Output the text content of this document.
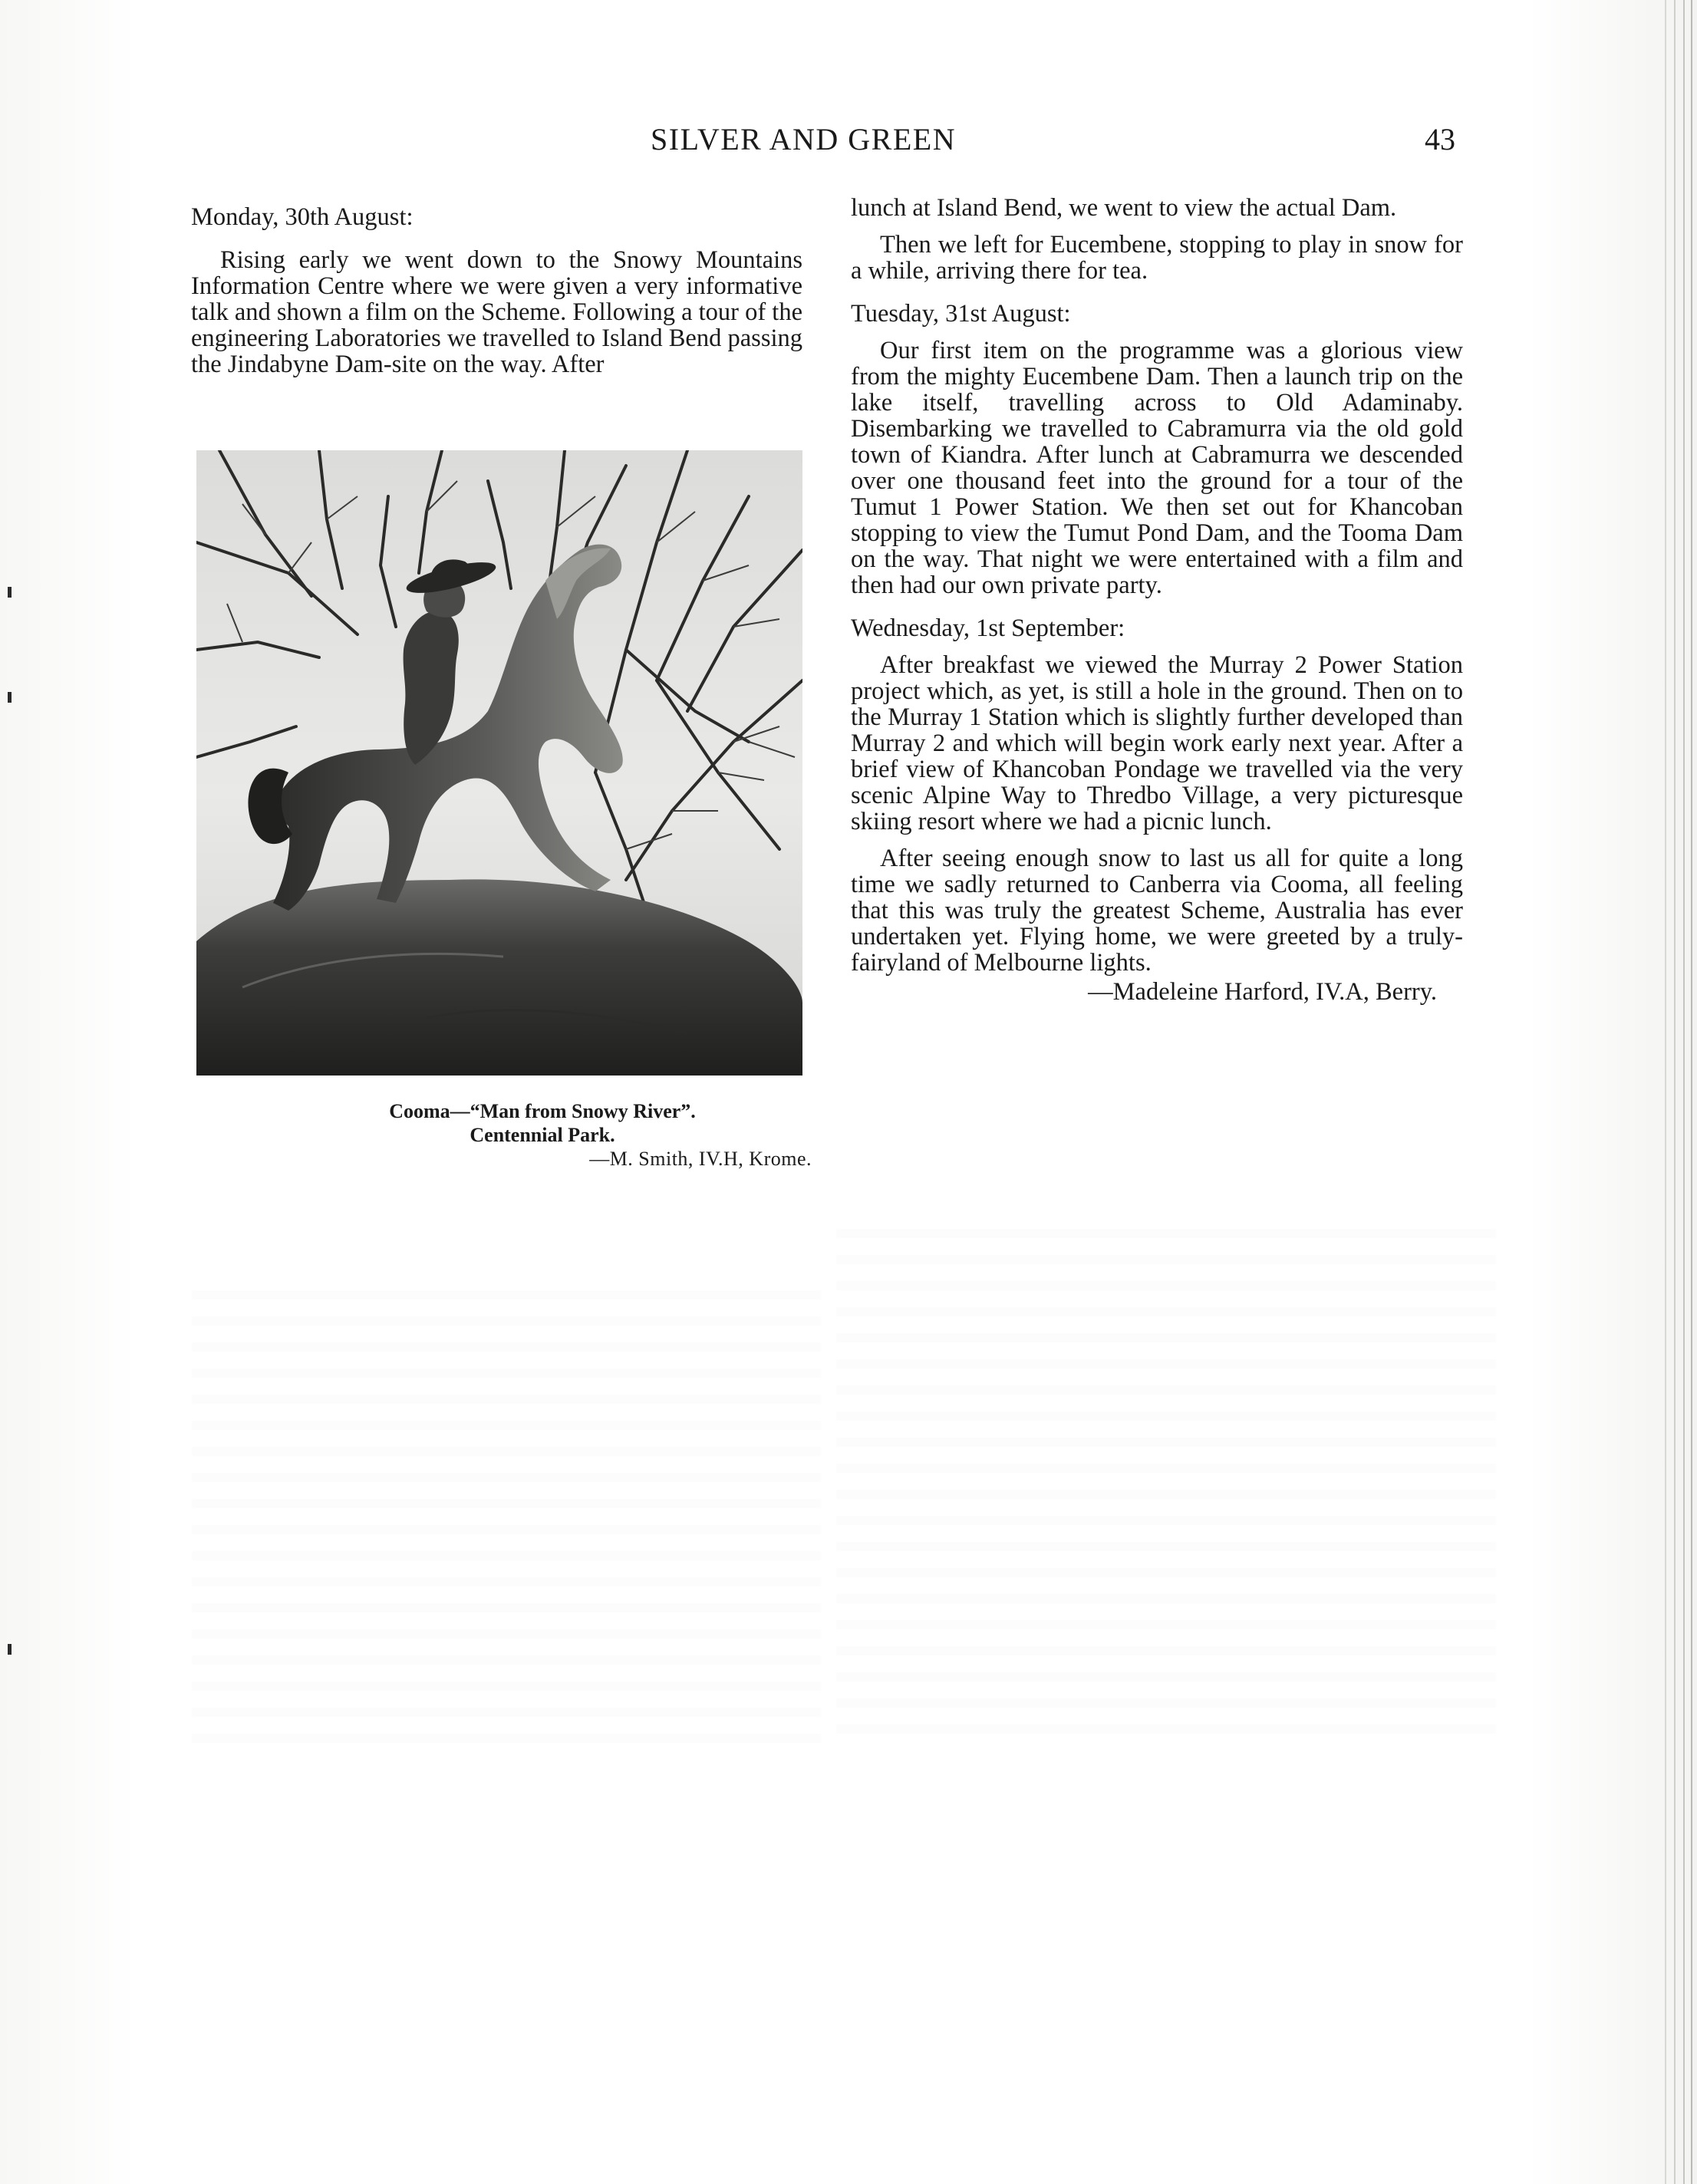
SILVER AND GREEN	43
Monday, 30th August:

Rising early we went down to the Snowy Mountains Information Centre where we were given a very informative talk and shown a film on the Scheme. Following a tour of the engineering Laboratories we travelled to Island Bend passing the Jindabyne Dam-site on the way. After

Cooma—“Man from Snowy River”.
Centennial Park.
—M. Smith, IV.H, Krome.

lunch at Island Bend, we went to view the actual Dam.

Then we left for Eucembene, stopping to play in snow for a while, arriving there for tea.

Tuesday, 31st August:

Our first item on the programme was a glorious view from the mighty Eucembene Dam. Then a launch trip on the lake itself, travelling across to Old Adaminaby. Disembarking we travelled to Cabramurra via the old gold town of Kiandra. After lunch at Cabramurra we descended over one thousand feet into the ground for a tour of the Tumut 1 Power Station. We then set out for Khancoban stopping to view the Tumut Pond Dam, and the Tooma Dam on the way. That night we were entertained with a film and then had our own private party.

Wednesday, 1st September:

After breakfast we viewed the Murray 2 Power Station project which, as yet, is still a hole in the ground. Then on to the Murray 1 Station which is slightly further developed than Murray 2 and which will begin work early next year. After a brief view of Khancoban Pondage we travelled via the very scenic Alpine Way to Thredbo Village, a very picturesque skiing resort where we had a picnic lunch.

After seeing enough snow to last us all for quite a long time we sadly returned to Canberra via Cooma, all feeling that this was truly the greatest Scheme, Australia has ever undertaken yet. Flying home, we were greeted by a truly-fairyland of Melbourne lights.

—Madeleine Harford, IV.A, Berry.
